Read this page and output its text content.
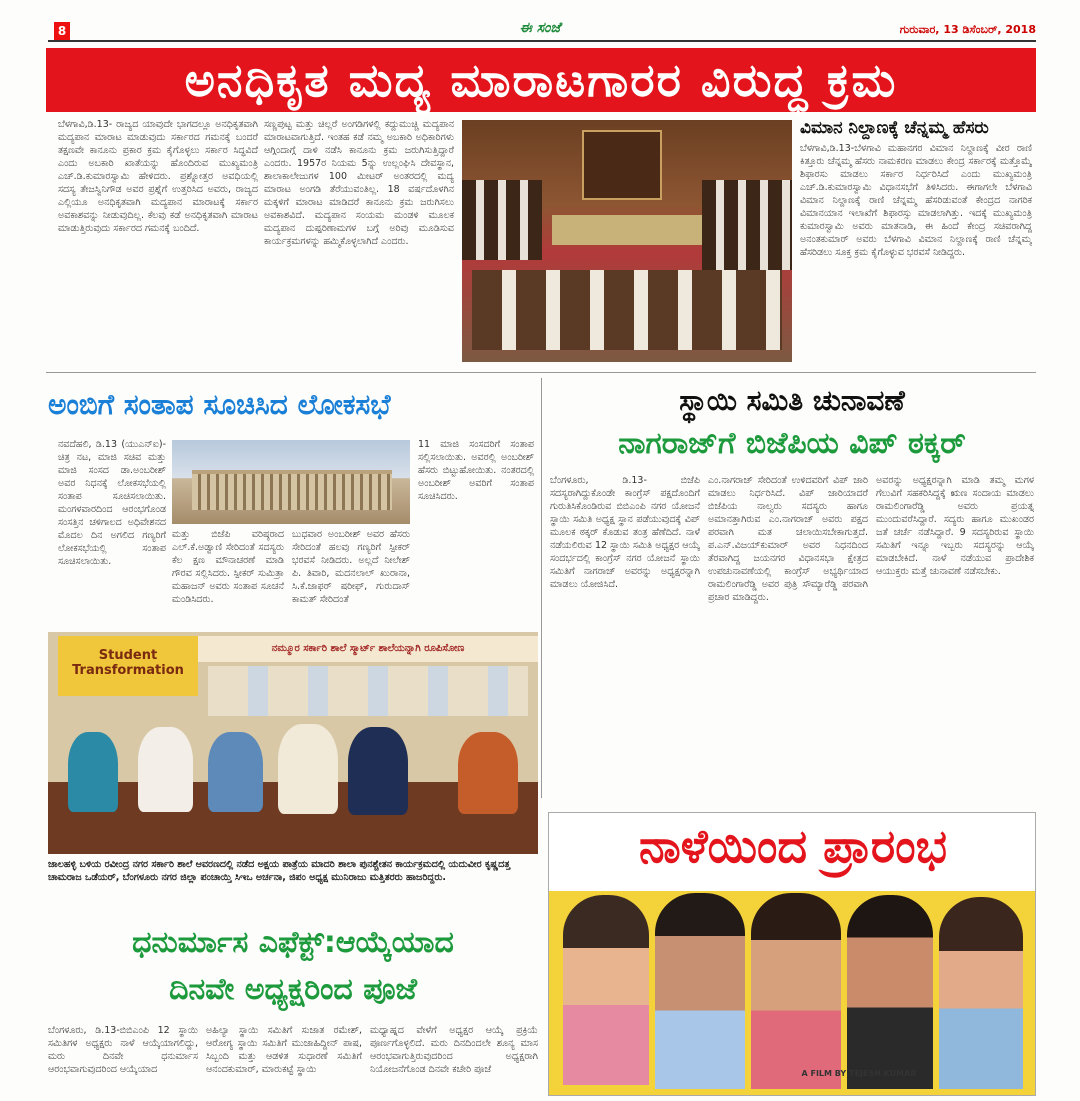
8	ಈ ಸಂಜೆ	ಗುರುವಾರ, 13 ಡಿಸೆಂಬರ್, 2018
ಅನಧಿಕೃತ ಮದ್ಯ ಮಾರಾಟಗಾರರ ವಿರುದ್ಧ ಕ್ರಮ
ಬೆಳಗಾವಿ,ಡಿ.13- ರಾಜ್ಯದ ಯಾವುದೇ ಭಾಗದಲ್ಲೂ ಅನಧಿಕೃತವಾಗಿ ಮದ್ಯಪಾನ ಮಾರಾಟ ಮಾಡುವುದು ಸರ್ಕಾರದ ಗಮನಕ್ಕೆ ಬಂದರೆ ತಕ್ಷಣವೇ ಕಾನೂನು ಪ್ರಕಾರ ಕ್ರಮ ಕೈಗೊಳ್ಳಲು ಸರ್ಕಾರ ಸಿದ್ಧವಿದೆ ಎಂದು ಅಬಕಾರಿ ಖಾತೆಯನ್ನು ಹೊಂದಿರುವ ಮುಖ್ಯಮಂತ್ರಿ ಎಚ್.ಡಿ.ಕುಮಾರಸ್ವಾಮಿ ಹೇಳಿದರು. ಪ್ರಶ್ನೋತ್ತರ ಅವಧಿಯಲ್ಲಿ ಸದಸ್ಯ ತೇಜಸ್ವಿನಿಗೌಡ ಅವರ ಪ್ರಶ್ನೆಗೆ ಉತ್ತರಿಸಿದ ಅವರು, ರಾಜ್ಯದ ಎಲ್ಲಿಯೂ ಅನಧಿಕೃತವಾಗಿ ಮದ್ಯಪಾನ ಮಾರಾಟಕ್ಕೆ ಸರ್ಕಾರ ಅವಕಾಶವನ್ನು ನೀಡುವುದಿಲ್ಲ. ಕೆಲವು ಕಡೆ ಅನಧಿಕೃತವಾಗಿ ಮಾರಾಟ ಮಾಡುತ್ತಿರುವುದು ಸರ್ಕಾರದ ಗಮನಕ್ಕೆ ಬಂದಿದೆ.
ಸಣ್ಣಪುಟ್ಟ ಮತ್ತು ಚಿಲ್ಲರೆ ಅಂಗಡಿಗಳಲ್ಲಿ ಕದ್ದುಮುಚ್ಚಿ ಮದ್ಯಪಾನ ಮಾರಾಟವಾಗುತ್ತಿದೆ. ಇಂತಹ ಕಡೆ ನಮ್ಮ ಅಬಕಾರಿ ಅಧಿಕಾರಿಗಳು ಆಗ್ಗಿಂದಾಗ್ಗೆ ದಾಳಿ ನಡೆಸಿ ಕಾನೂನು ಕ್ರಮ ಜರುಗಿಸುತ್ತಿದ್ದಾರೆ ಎಂದರು. 1957ರ ನಿಯಮ 5ನ್ನು ಉಲ್ಲಂಘಿಸಿ ದೇವಸ್ಥಾನ, ಶಾಲಾಕಾಲೇಜುಗಳ 100 ಮೀಟರ್ ಅಂತರದಲ್ಲಿ ಮದ್ಯ ಮಾರಾಟ ಅಂಗಡಿ ತೆರೆಯುವಂತಿಲ್ಲ. 18 ವರ್ಷದೊಳಗಿನ ಮಕ್ಕಳಿಗೆ ಮಾರಾಟ ಮಾಡಿದರೆ ಕಾನೂನು ಕ್ರಮ ಜರುಗಿಸಲು ಅವಕಾಶವಿದೆ. ಮದ್ಯಪಾನ ಸಂಯಮ ಮಂಡಳಿ ಮೂಲಕ ಮದ್ಯಪಾನ ದುಷ್ಪರಿಣಾಮಗಳ ಬಗ್ಗೆ ಅರಿವು ಮೂಡಿಸುವ ಕಾರ್ಯಕ್ರಮಗಳನ್ನು ಹಮ್ಮಿಕೊಳ್ಳಲಾಗಿದೆ ಎಂದರು.
ವಿಮಾನ ನಿಲ್ದಾಣಕ್ಕೆ ಚೆನ್ನಮ್ಮ ಹೆಸರು
ಬೆಳಗಾವಿ,ಡಿ.13-ಬೆಳಗಾವಿ ಮಹಾನಗರ ವಿಮಾನ ನಿಲ್ದಾಣಕ್ಕೆ ವೀರ ರಾಣಿ ಕಿತ್ತೂರು ಚೆನ್ನಮ್ಮ ಹೆಸರು ನಾಮಕರಣ ಮಾಡಲು ಕೇಂದ್ರ ಸರ್ಕಾರಕ್ಕೆ ಮತ್ತೊಮ್ಮೆ ಶಿಫಾರಸು ಮಾಡಲು ಸರ್ಕಾರ ನಿರ್ಧರಿಸಿದೆ ಎಂದು ಮುಖ್ಯಮಂತ್ರಿ ಎಚ್.ಡಿ.ಕುಮಾರಸ್ವಾಮಿ ವಿಧಾನಸಭೆಗೆ ತಿಳಿಸಿದರು. ಈಗಾಗಲೇ ಬೆಳಗಾವಿ ವಿಮಾನ ನಿಲ್ದಾಣಕ್ಕೆ ರಾಣಿ ಚೆನ್ನಮ್ಮ ಹೆಸರಿಡುವಂತೆ ಕೇಂದ್ರದ ನಾಗರಿಕ ವಿಮಾನಯಾನ ಇಲಾಖೆಗೆ ಶಿಫಾರಸ್ಸು ಮಾಡಲಾಗಿತ್ತು. ಇದಕ್ಕೆ ಮುಖ್ಯಮಂತ್ರಿ ಕುಮಾರಸ್ವಾಮಿ ಅವರು ಮಾತನಾಡಿ, ಈ ಹಿಂದೆ ಕೇಂದ್ರ ಸಚಿವರಾಗಿದ್ದ ಅನಂತಕುಮಾರ್ ಅವರು ಬೆಳಗಾವಿ ವಿಮಾನ ನಿಲ್ದಾಣಕ್ಕೆ ರಾಣಿ ಚೆನ್ನಮ್ಮ ಹೆಸರಿಡಲು ಸೂಕ್ತ ಕ್ರಮ ಕೈಗೊಳ್ಳುವ ಭರವಸೆ ನೀಡಿದ್ದರು.
ಅಂಬಿಗೆ ಸಂತಾಪ ಸೂಚಿಸಿದ ಲೋಕಸಭೆ
ನವದೆಹಲಿ, ಡಿ.13 (ಯುಎನ್‌ಐ)- ಚಿತ್ರ ನಟ, ಮಾಜಿ ಸಚಿವ ಮತ್ತು ಮಾಜಿ ಸಂಸದ ಡಾ.ಅಂಬರೀಶ್ ಅವರ ನಿಧನಕ್ಕೆ ಲೋಕಸಭೆಯಲ್ಲಿ ಸಂತಾಪ ಸೂಚಿಸಲಾಯಿತು. ಮಂಗಳವಾರದಿಂದ ಆರಂಭಗೊಂಡ ಸಂಸತ್ತಿನ ಚಳಿಗಾಲದ ಅಧಿವೇಶನದ ಮೊದಲ ದಿನ ಅಗಲಿದ ಗಣ್ಯರಿಗೆ ಲೋಕಸಭೆಯಲ್ಲಿ ಸಂತಾಪ ಸೂಚಿಸಲಾಯಿತು.
ಮತ್ತು ಬಿಜೆಪಿ ವರಿಷ್ಠರಾದ ಎಲ್.ಕೆ.ಅಡ್ವಾಣಿ ಸೇರಿದಂತೆ ಸದಸ್ಯರು ಕೆಲ ಕ್ಷಣ ಮೌನಾಚರಣೆ ಮಾಡಿ ಗೌರವ ಸಲ್ಲಿಸಿದರು. ಸ್ಪೀಕರ್ ಸುಮಿತ್ರಾ ಮಹಾಜನ್ ಅವರು ಸಂತಾಪ ಸೂಚನೆ ಮಂಡಿಸಿದರು.
ಬುಧವಾರ ಅಂಬರೀಶ್ ಅವರ ಹೆಸರು ಸೇರಿದಂತೆ ಹಲವು ಗಣ್ಯರಿಗೆ ಸ್ಪೀಕರ್ ಭರವಸೆ ನೀಡಿದರು. ಅಲ್ಲದೆ ನೀಲೇಶ್ ಪಿ. ತಿವಾರಿ, ಮದನಲಾಲ್ ಖುರಾನಾ, ಸಿ.ಕೆ.ಜಾಫರ್ ಷರೀಫ್, ಗುರುದಾಸ್ ಕಾಮತ್ ಸೇರಿದಂತೆ
11 ಮಾಜಿ ಸಂಸದರಿಗೆ ಸಂತಾಪ ಸಲ್ಲಿಸಲಾಯಿತು. ಅವರಲ್ಲಿ ಅಂಬರೀಶ್ ಹೆಸರು ಬಿಟ್ಟುಹೋಯಿತು. ನಂತರದಲ್ಲಿ ಅಂಬರೀಶ್ ಅವರಿಗೆ ಸಂತಾಪ ಸೂಚಿಸಿದರು.
ಸ್ಥಾಯಿ ಸಮಿತಿ ಚುನಾವಣೆ
ನಾಗರಾಜ್‌ಗೆ ಬಿಜೆಪಿಯ ವಿಪ್ ಠಕ್ಕರ್
ಬೆಂಗಳೂರು, ಡಿ.13- ಬಿಜೆಪಿ ಸದಸ್ಯರಾಗಿದ್ದುಕೊಂಡೇ ಕಾಂಗ್ರೆಸ್ ಪಕ್ಷದೊಂದಿಗೆ ಗುರುತಿಸಿಕೊಂಡಿರುವ ಬಿಬಿಎಂಪಿ ನಗರ ಯೋಜನೆ ಸ್ಥಾಯಿ ಸಮಿತಿ ಅಧ್ಯಕ್ಷ ಸ್ಥಾನ ಪಡೆಯುವುದಕ್ಕೆ ವಿಪ್ ಮೂಲಕ ಠಕ್ಕರ್ ಕೊಡುವ ತಂತ್ರ ಹೆಣೆದಿದೆ. ನಾಳೆ ನಡೆಯಲಿರುವ 12 ಸ್ಥಾಯಿ ಸಮಿತಿ ಅಧ್ಯಕ್ಷರ ಆಯ್ಕೆ ಸಂದರ್ಭದಲ್ಲಿ ಕಾಂಗ್ರೆಸ್ ನಗರ ಯೋಜನೆ ಸ್ಥಾಯಿ ಸಮಿತಿಗೆ ನಾಗರಾಜ್ ಅವರನ್ನು ಅಧ್ಯಕ್ಷರನ್ನಾಗಿ ಮಾಡಲು ಯೋಜಿಸಿದೆ.
ಎಂ.ನಾಗರಾಜ್ ಸೇರಿದಂತೆ ಉಳಿದವರಿಗೆ ವಿಪ್ ಜಾರಿ ಮಾಡಲು ನಿರ್ಧರಿಸಿದೆ. ವಿಪ್ ಜಾರಿಯಾದರೆ ಬಿಜೆಪಿಯ ನಾಲ್ವರು ಸದಸ್ಯರು ಹಾಗೂ ಅಮಾನತ್ತಾಗಿರುವ ಎಂ.ನಾಗರಾಜ್ ಅವರು ಪಕ್ಷದ ಪರವಾಗಿ ಮತ ಚಲಾಯಿಸಬೇಕಾಗುತ್ತದೆ. ಪ.ಎನ್.ವಿಜಯ್‌ಕುಮಾರ್ ಅವರ ನಿಧನದಿಂದ ತೆರವಾಗಿದ್ದ ಜಯನಗರ ವಿಧಾನಸಭಾ ಕ್ಷೇತ್ರದ ಉಪಚುನಾವಣೆಯಲ್ಲಿ ಕಾಂಗ್ರೆಸ್ ಅಭ್ಯರ್ಥಿಯಾದ ರಾಮಲಿಂಗಾರೆಡ್ಡಿ ಅವರ ಪುತ್ರಿ ಸೌಮ್ಯಾರೆಡ್ಡಿ ಪರವಾಗಿ ಪ್ರಚಾರ ಮಾಡಿದ್ದರು.
ಅವರನ್ನು ಅಧ್ಯಕ್ಷರನ್ನಾಗಿ ಮಾಡಿ ತಮ್ಮ ಮಗಳ ಗೆಲುವಿಗೆ ಸಹಕರಿಸಿದ್ದಕ್ಕೆ ಋಣ ಸಂದಾಯ ಮಾಡಲು ರಾಮಲಿಂಗಾರೆಡ್ಡಿ ಅವರು ಪ್ರಯತ್ನ ಮುಂದುವರೆಸಿದ್ದಾರೆ. ಸದ್ಯರು ಹಾಗೂ ಮುಖಂಡರ ಜತೆ ಚರ್ಚೆ ನಡೆಸಿದ್ದಾರೆ. 9 ಸದಸ್ಯರಿರುವ ಸ್ಥಾಯಿ ಸಮಿತಿಗೆ ಇನ್ನೂ ಇಬ್ಬರು ಸದಸ್ಯರನ್ನು ಆಯ್ಕೆ ಮಾಡಬೇಕಿದೆ. ನಾಳೆ ನಡೆಯುವ ಪ್ರಾದೇಶಿಕ ಆಯುಕ್ತರು ಮತ್ತೆ ಚುನಾವಣೆ ನಡೆಸಬೇಕು.
Student Transformation
ನಮ್ಮೂರ ಸರ್ಕಾರಿ ಶಾಲೆ ಸ್ಮಾರ್ಟ್ ಶಾಲೆಯನ್ನಾಗಿ ರೂಪಿಸೋಣ
ಜಾಲಹಳ್ಳಿ ಬಳಿಯ ರವೀಂದ್ರ ನಗರ ಸರ್ಕಾರಿ ಶಾಲೆ ಆವರಣದಲ್ಲಿ ನಡೆದ ಅಕ್ಷಯ ಪಾತ್ರೆಯ ಮಾದರಿ ಶಾಲಾ ಪುನಶ್ಚೇತನ ಕಾರ್ಯಕ್ರಮದಲ್ಲಿ ಯದುವೀರ ಕೃಷ್ಣದತ್ತ ಚಾಮರಾಜ ಒಡೆಯರ್, ಬೆಂಗಳೂರು ನಗರ ಜಿಲ್ಲಾ ಪಂಚಾಯ್ತಿ ಸಿಇಒ ಅರ್ಚನಾ, ಜಿಪಂ ಅಧ್ಯಕ್ಷ ಮುನಿರಾಜು ಮತ್ತಿತರರು ಹಾಜರಿದ್ದರು.
ಧನುರ್ಮಾಸ ಎಫೆಕ್ಟ್:ಆಯ್ಕೆಯಾದ
ದಿನವೇ ಅಧ್ಯಕ್ಷರಿಂದ ಪೂಜೆ
ಬೆಂಗಳೂರು, ಡಿ.13-ಬಿಬಿಎಂಪಿ 12 ಸ್ಥಾಯಿ ಸಮಿತಿಗಳ ಅಧ್ಯಕ್ಷರು ನಾಳೆ ಆಯ್ಕೆಯಾಗಲಿದ್ದು, ಮರು ದಿನವೇ ಧನುರ್ಮಾಸ ಆರಂಭವಾಗುವುದರಿಂದ ಆಯ್ಕೆಯಾದ
ಅಹಿಲ್ಯಾ ಸ್ಥಾಯಿ ಸಮಿತಿಗೆ ಸುಜಾತ ರಮೇಶ್, ಆರೋಗ್ಯ ಸ್ಥಾಯಿ ಸಮಿತಿಗೆ ಮುಜಾಹಿದ್ದೀನ್ ಪಾಷ, ಸಿಬ್ಬಂದಿ ಮತ್ತು ಆಡಳಿತ ಸುಧಾರಣೆ ಸಮಿತಿಗೆ ಆನಂದಕುಮಾರ್, ಮಾರುಕಟ್ಟೆ ಸ್ಥಾಯಿ
ಮಧ್ಯಾಹ್ನದ ವೇಳೆಗೆ ಅಧ್ಯಕ್ಷರ ಆಯ್ಕೆ ಪ್ರಕ್ರಿಯೆ ಪೂರ್ಣಗೊಳ್ಳಲಿದೆ. ಮರು ದಿನದಿಂದಲೇ ಶೂನ್ಯ ಮಾಸ ಆರಂಭವಾಗುತ್ತಿರುವುದರಿಂದ ಅಧ್ಯಕ್ಷರಾಗಿ ನಿಯೋಜನೆಗೊಂಡ ದಿನವೇ ಕಚೇರಿ ಪೂಜೆ
ನಾಳೆಯಿಂದ ಪ್ರಾರಂಭ
A FILM BY TEJESH KUMAR
